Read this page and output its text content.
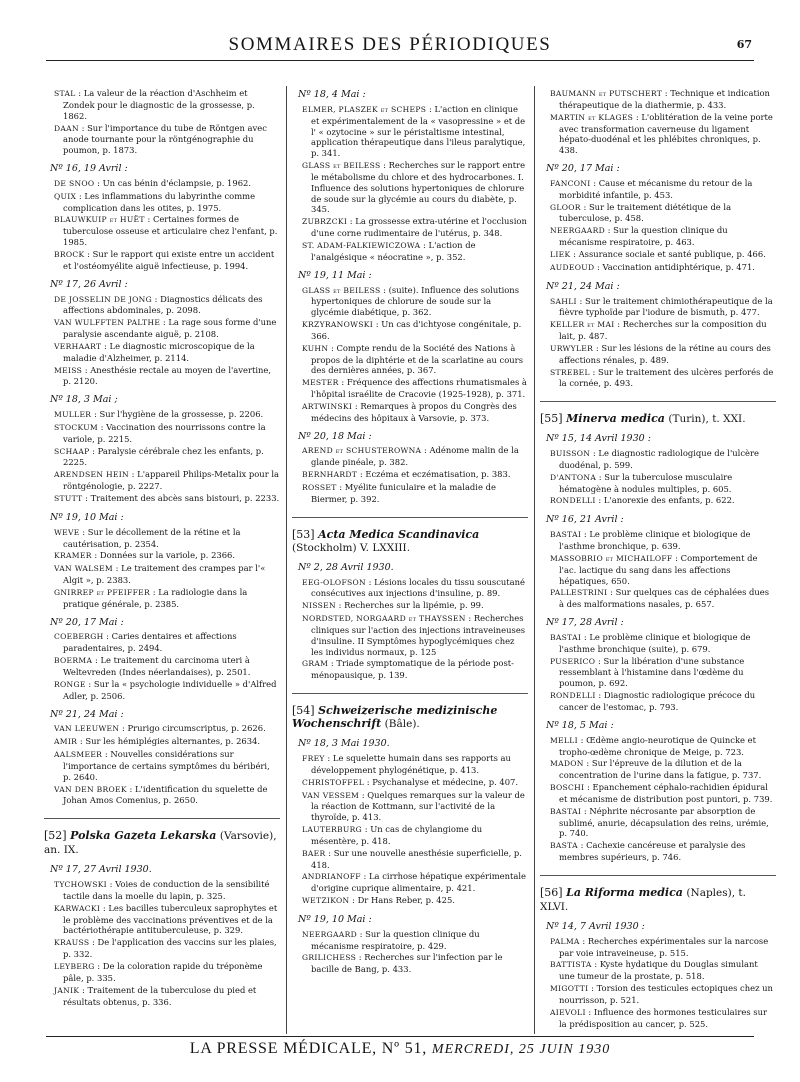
SOMMAIRES DES PÉRIODIQUES	67
STAL : La valeur de la réaction d'Aschheim et Zondek pour le diagnostic de la grossesse, p. 1862.
DAAN : Sur l'importance du tube de Röntgen avec anode tournante pour la röntgénographie du poumon, p. 1873.
Nº 16, 19 Avril :
DE SNOO : Un cas bénin d'éclampsie, p. 1962.
QUIX : Les inflammations du labyrinthe comme complication dans les otites, p. 1975.
BLAUWKUIP et HUËT : Certaines formes de tuberculose osseuse et articulaire chez l'enfant, p. 1985.
BROCK : Sur le rapport qui existe entre un accident et l'ostéomyélite aiguë infectieuse, p. 1994.
Nº 17, 26 Avril :
DE JOSSELIN DE JONG : Diagnostics délicats des affections abdominales, p. 2098.
VAN WULFFTEN PALTHE : La rage sous forme d'une paralysie ascendante aiguë, p. 2108.
VERHAART : Le diagnostic microscopique de la maladie d'Alzheimer, p. 2114.
MEISS : Anesthésie rectale au moyen de l'avertine, p. 2120.
Nº 18, 3 Mai ;
MULLER : Sur l'hygiène de la grossesse, p. 2206.
STOCKUM : Vaccination des nourrissons contre la variole, p. 2215.
SCHAAP : Paralysie cérébrale chez les enfants, p. 2225.
ARENDSEN HEIN : L'appareil Philips-Metalix pour la röntgénologie, p. 2227.
STUTT : Traitement des abcès sans bistouri, p. 2233.
Nº 19, 10 Mai :
WEVE : Sur le décollement de la rétine et la cautérisation, p. 2354.
KRAMER : Données sur la variole, p. 2366.
VAN WALSEM : Le traitement des crampes par l'« Algit », p. 2383.
GNIRREP et PFEIFFER : La radiologie dans la pratique générale, p. 2385.
Nº 20, 17 Mai :
COEBERGH : Caries dentaires et affections paradentaires, p. 2494.
BOERMA : Le traitement du carcinoma uteri à Weltevreden (Indes néerlandaises), p. 2501.
RONGE : Sur la « psychologie individuelle » d'Alfred Adler, p. 2506.
Nº 21, 24 Mai :
VAN LEEUWEN : Prurigo circumscriptus, p. 2626.
AMIR : Sur les hémiplégies alternantes, p. 2634.
AALSMEER : Nouvelles considérations sur l'importance de certains symptômes du béribéri, p. 2640.
VAN DEN BROEK : L'identification du squelette de Johan Amos Comenius, p. 2650.
[52] Polska Gazeta Lekarska (Varsovie), an. IX.
Nº 17, 27 Avril 1930.
TYCHOWSKI : Voies de conduction de la sensibilité tactile dans la moelle du lapin, p. 325.
KARWACKI : Les bacilles tuberculeux saprophytes et le problème des vaccinations préventives et de la bactériothérapie antituberculeuse, p. 329.
KRAUSS : De l'application des vaccins sur les plaies, p. 332.
LEYBERG : De la coloration rapide du tréponème pâle, p. 335.
JANIK : Traitement de la tuberculose du pied et résultats obtenus, p. 336.
Nº 18, 4 Mai :
ELMER, PLASZEK et SCHEPS : L'action en clinique et expérimentalement de la « vasopressine » et de l' « ozytocine » sur le péristaltisme intestinal, application thérapeutique dans l'ileus paralytique, p. 341.
GLASS et BEILESS : Recherches sur le rapport entre le métabolisme du chlore et des hydrocarbones. I. Influence des solutions hypertoniques de chlorure de soude sur la glycémie au cours du diabète, p. 345.
ZUBRZCKI : La grossesse extra-utérine et l'occlusion d'une corne rudimentaire de l'utérus, p. 348.
ST. ADAM-FALKIEWICZOWA : L'action de l'analgésique « néocratine », p. 352.
Nº 19, 11 Mai :
GLASS et BEILESS : (suite). Influence des solutions hypertoniques de chlorure de soude sur la glycémie diabétique, p. 362.
KRZYRANOWSKI : Un cas d'ichtyose congénitale, p. 366.
KUHN : Compte rendu de la Société des Nations à propos de la diphtérie et de la scarlatine au cours des dernières années, p. 367.
MESTER : Fréquence des affections rhumatismales à l'hôpital israélite de Cracovie (1925-1928), p. 371.
ARTWINSKI : Remarques à propos du Congrès des médecins des hôpitaux à Varsovie, p. 373.
Nº 20, 18 Mai :
AREND et SCHUSTEROWNA : Adénome malin de la glande pinéale, p. 382.
BERNHARDT : Eczéma et eczématisation, p. 383.
ROSSET : Myélite funiculaire et la maladie de Biermer, p. 392.
[53] Acta Medica Scandinavica (Stockholm) V. LXXIII.
Nº 2, 28 Avril 1930.
EEG-OLOFSON : Lésions locales du tissu souscutané consécutives aux injections d'insuline, p. 89.
NISSEN : Recherches sur la lipémie, p. 99.
NORDSTED, NORGAARD et THAYSSEN : Recherches cliniques sur l'action des injections intraveineuses d'insuline. II Symptômes hypoglycémiques chez les individus normaux, p. 125
GRAM : Triade symptomatique de la période post-ménopausique, p. 139.
[54] Schweizerische medizinische Wochenschrift (Bâle).
Nº 18, 3 Mai 1930.
FREY : Le squelette humain dans ses rapports au développement phylogénétique, p. 413.
CHRISTOFFEL : Psychanalyse et médecine, p. 407.
VAN VESSEM : Quelques remarques sur la valeur de la réaction de Kottmann, sur l'activité de la thyroïde, p. 413.
LAUTERBURG : Un cas de chylangiome du mésentère, p. 418.
BAER : Sur une nouvelle anesthésie superficielle, p. 418.
ANDRIANOFF : La cirrhose hépatique expérimentale d'origine cuprique alimentaire, p. 421.
WETZIKON : Dr Hans Reber, p. 425.
Nº 19, 10 Mai :
NEERGAARD : Sur la question clinique du mécanisme respiratoire, p. 429.
GRILICHESS : Recherches sur l'infection par le bacille de Bang, p. 433.
BAUMANN et PUTSCHERT : Technique et indication thérapeutique de la diathermie, p. 433.
MARTIN et KLAGES : L'oblitération de la veine porte avec transformation caverneuse du ligament hépato-duodénal et les phlébites chroniques, p. 438.
Nº 20, 17 Mai :
FANCONI : Cause et mécanisme du retour de la morbidité infantile, p. 453.
GLOOR : Sur le traitement diététique de la tuberculose, p. 458.
NEERGAARD : Sur la question clinique du mécanisme respiratoire, p. 463.
LIEK : Assurance sociale et santé publique, p. 466.
AUDEOUD : Vaccination antidiphtérique, p. 471.
Nº 21, 24 Mai :
SAHLI : Sur le traitement chimiothérapeutique de la fièvre typhoïde par l'iodure de bismuth, p. 477.
KELLER et MAI : Recherches sur la composition du lait, p. 487.
URWYLER : Sur les lésions de la rétine au cours des affections rénales, p. 489.
STREBEL : Sur le traitement des ulcères perforés de la cornée, p. 493.
[55] Minerva medica (Turin), t. XXI.
Nº 15, 14 Avril 1930 :
BUISSON : Le diagnostic radiologique de l'ulcère duodénal, p. 599.
D'ANTONA : Sur la tuberculose musculaire hématogène à nodules multiples, p. 605.
RONDELLI : L'anorexie des enfants, p. 622.
Nº 16, 21 Avril :
BASTAI : Le problème clinique et biologique de l'asthme bronchique, p. 639.
MASSOBRIO et MICHAILOFF : Comportement de l'ac. lactique du sang dans les affections hépatiques, 650.
PALLESTRINI : Sur quelques cas de céphalées dues à des malformations nasales, p. 657.
Nº 17, 28 Avril :
BASTAI : Le problème clinique et biologique de l'asthme bronchique (suite), p. 679.
PUSERICO : Sur la libération d'une substance ressemblant à l'histamine dans l'œdème du poumon, p. 692.
RONDELLI : Diagnostic radiologique précoce du cancer de l'estomac, p. 793.
Nº 18, 5 Mai :
MELLI : Œdème angio-neurotique de Quincke et tropho-œdème chronique de Meige, p. 723.
MADON : Sur l'épreuve de la dilution et de la concentration de l'urine dans la fatigue, p. 737.
BOSCHI : Epanchement céphalo-rachidien épidural et mécanisme de distribution post puntori, p. 739.
BASTAI : Néphrite nécrosante par absorption de sublimé, anurie, décapsulation des reins, urémie, p. 740.
BASTA : Cachexie cancéreuse et paralysie des membres supérieurs, p. 746.
[56] La Riforma medica (Naples), t. XLVI.
Nº 14, 7 Avril 1930 :
PALMA : Recherches expérimentales sur la narcose par voie intraveineuse, p. 515.
BATTISTA : Kyste hydatique du Douglas simulant une tumeur de la prostate, p. 518.
MIGOTTI : Torsion des testicules ectopiques chez un nourrisson, p. 521.
AIEVOLI : Influence des hormones testiculaires sur la prédisposition au cancer, p. 525.
LA PRESSE MÉDICALE, Nº 51, MERCREDI, 25 JUIN 1930
